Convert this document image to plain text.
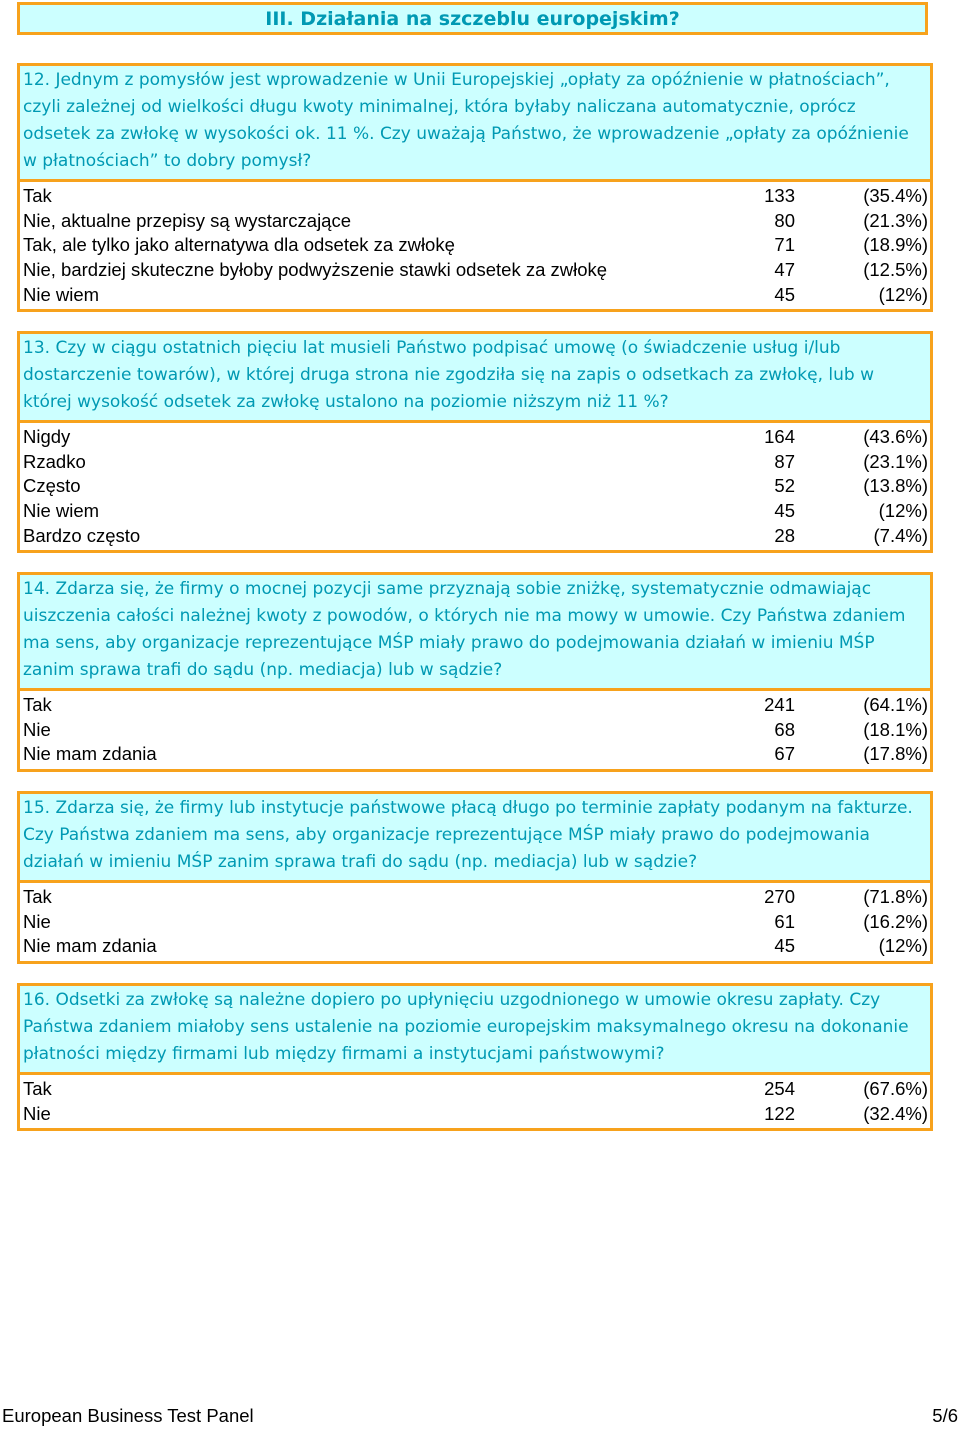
III. Działania na szczeblu europejskim?
12. Jednym z pomysłów jest wprowadzenie w Unii Europejskiej „opłaty za opóźnienie w płatnościach”, czyli zależnej od wielkości długu kwoty minimalnej, która byłaby naliczana automatycznie, oprócz odsetek za zwłokę w wysokości ok. 11 %. Czy uważają Państwo, że wprowadzenie „opłaty za opóźnienie w płatnościach” to dobry pomysł?
Tak	133	(35.4%)
Nie, aktualne przepisy są wystarczające	80	(21.3%)
Tak, ale tylko jako alternatywa dla odsetek za zwłokę	71	(18.9%)
Nie, bardziej skuteczne byłoby podwyższenie stawki odsetek za zwłokę	47	(12.5%)
Nie wiem	45	(12%)
13. Czy w ciągu ostatnich pięciu lat musieli Państwo podpisać umowę (o świadczenie usług i/lub dostarczenie towarów), w której druga strona nie zgodziła się na zapis o odsetkach za zwłokę, lub w której wysokość odsetek za zwłokę ustalono na poziomie niższym niż 11 %?
Nigdy	164	(43.6%)
Rzadko	87	(23.1%)
Często	52	(13.8%)
Nie wiem	45	(12%)
Bardzo często	28	(7.4%)
14. Zdarza się, że firmy o mocnej pozycji same przyznają sobie zniżkę, systematycznie odmawiając uiszczenia całości należnej kwoty z powodów, o których nie ma mowy w umowie. Czy Państwa zdaniem ma sens, aby organizacje reprezentujące MŚP miały prawo do podejmowania działań w imieniu MŚP zanim sprawa trafi do sądu (np. mediacja) lub w sądzie?
Tak	241	(64.1%)
Nie	68	(18.1%)
Nie mam zdania	67	(17.8%)
15. Zdarza się, że firmy lub instytucje państwowe płacą długo po terminie zapłaty podanym na fakturze. Czy Państwa zdaniem ma sens, aby organizacje reprezentujące MŚP miały prawo do podejmowania działań w imieniu MŚP zanim sprawa trafi do sądu (np. mediacja) lub w sądzie?
Tak	270	(71.8%)
Nie	61	(16.2%)
Nie mam zdania	45	(12%)
16. Odsetki za zwłokę są należne dopiero po upłynięciu uzgodnionego w umowie okresu zapłaty. Czy Państwa zdaniem miałoby sens ustalenie na poziomie europejskim maksymalnego okresu na dokonanie płatności między firmami lub między firmami a instytucjami państwowymi?
Tak	254	(67.6%)
Nie	122	(32.4%)
European Business Test Panel	5/6
